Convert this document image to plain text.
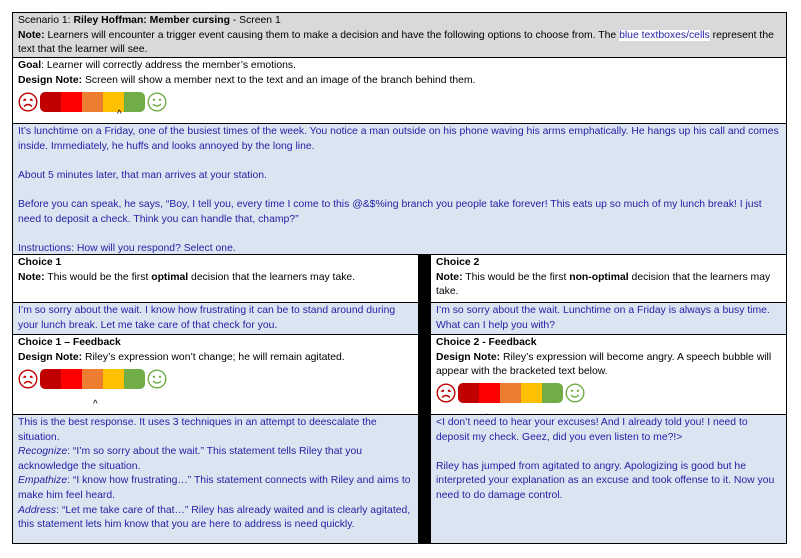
Scenario 1: Riley Hoffman: Member cursing - Screen 1

Note: Learners will encounter a trigger event causing them to make a decision and have the following options to choose from. The blue textboxes/cells represent the text that the learner will see.

Goal: Learner will correctly address the member’s emotions.

Design Note: Screen will show a member next to the text and an image of the branch behind them.

^

It’s lunchtime on a Friday, one of the busiest times of the week. You notice a man outside on his phone waving his arms emphatically. He hangs up his call and comes inside. Immediately, he huffs and looks annoyed by the long line.

About 5 minutes later, that man arrives at your station.

Before you can speak, he says, “Boy, I tell you, every time I come to this @&$%ing branch you people take forever! This eats up so much of my lunch break! I just need to deposit a check. Think you can handle that, champ?”

Instructions: How will you respond? Select one.

Choice 1

Note: This would be the first optimal decision that the learners may take.

I’m so sorry about the wait. I know how frustrating it can be to stand around during your lunch break. Let me take care of that check for you.

Choice 1 – Feedback

Design Note: Riley’s expression won’t change; he will remain agitated.

^

This is the best response. It uses 3 techniques in an attempt to deescalate the situation.

Recognize: “I’m so sorry about the wait.” This statement tells Riley that you acknowledge the situation.

Empathize: “I know how frustrating…” This statement connects with Riley and aims to make him feel heard.

Address: “Let me take care of that…” Riley has already waited and is clearly agitated, this statement lets him know that you are here to address is need quickly.

Choice 2

Note: This would be the first non-optimal decision that the learners may take.

I’m so sorry about the wait. Lunchtime on a Friday is always a busy time. What can I help you with?

Choice 2 - Feedback

Design Note: Riley’s expression will become angry. A speech bubble will appear with the bracketed text below.

<I don’t need to hear your excuses! And I already told you! I need to deposit my check. Geez, did you even listen to me?!>

Riley has jumped from agitated to angry. Apologizing is good but he interpreted your explanation as an excuse and took offense to it. Now you need to do damage control.
